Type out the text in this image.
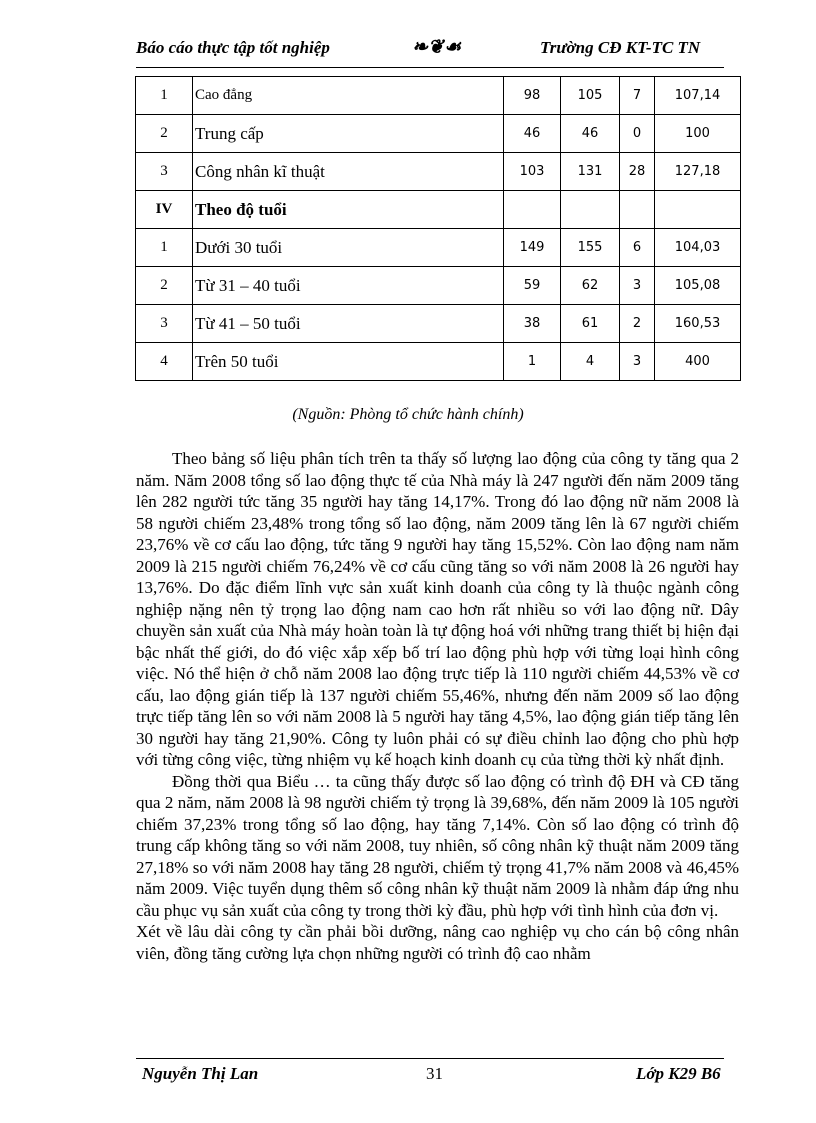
Báo cáo thực tập tốt nghiệp	❧❦☙	Trường CĐ KT-TC TN
1	Cao đẳng	98	105	7	107,14
2	Trung cấp	46	46	0	100
3	Công nhân kĩ thuật	103	131	28	127,18
IV	Theo độ tuổi				
1	Dưới 30 tuổi	149	155	6	104,03
2	Từ 31 – 40 tuổi	59	62	3	105,08
3	Từ 41 – 50 tuổi	38	61	2	160,53
4	Trên 50 tuổi	1	4	3	400
(Nguồn: Phòng tổ chức hành chính)

Theo bảng số liệu phân tích trên ta thấy số lượng lao động của công ty tăng qua 2 năm. Năm 2008 tổng số lao động thực tế của Nhà máy là 247 người đến năm 2009 tăng lên 282 người tức tăng 35 người hay tăng 14,17%. Trong đó lao động nữ năm 2008 là 58 người chiếm 23,48% trong tổng số lao động, năm 2009 tăng lên là 67 người chiếm 23,76% về cơ cấu lao động, tức tăng 9 người hay tăng 15,52%. Còn lao động nam năm 2009 là 215 người chiếm 76,24% về cơ cấu cũng tăng so với năm 2008 là 26 người hay 13,76%. Do đặc điểm lĩnh vực sản xuất kinh doanh của công ty là thuộc ngành công nghiệp nặng nên tỷ trọng lao động nam cao hơn rất nhiều so với lao động nữ. Dây chuyền sản xuất của Nhà máy hoàn toàn là tự động hoá với những trang thiết bị hiện đại bậc nhất thế giới, do đó việc xắp xếp bố trí lao động phù hợp với từng loại hình công việc. Nó thể hiện ở chỗ năm 2008 lao động trực tiếp là 110 người chiếm 44,53% về cơ cấu, lao động gián tiếp là 137 người chiếm 55,46%, nhưng đến năm 2009 số lao động trực tiếp tăng lên so với năm 2008 là 5 người hay tăng 4,5%, lao động gián tiếp tăng lên 30 người hay tăng 21,90%. Công ty luôn phải có sự điều chỉnh lao động cho phù hợp với từng công việc, từng nhiệm vụ kế hoạch kinh doanh cụ của từng thời kỳ nhất định.

Đồng thời qua Biểu … ta cũng thấy được số lao động có trình độ ĐH và CĐ tăng qua 2 năm, năm 2008 là 98 người chiếm tỷ trọng là 39,68%, đến năm 2009 là 105 người chiếm 37,23% trong tổng số lao động, hay tăng 7,14%. Còn số lao động có trình độ trung cấp không tăng so với năm 2008, tuy nhiên, số công nhân kỹ thuật năm 2009 tăng 27,18% so với năm 2008 hay tăng 28 người, chiếm tỷ trọng 41,7% năm 2008 và 46,45% năm 2009. Việc tuyển dụng thêm số công nhân kỹ thuật năm 2009 là nhằm đáp ứng nhu cầu phục vụ sản xuất của công ty trong thời kỳ đầu, phù hợp với tình hình của đơn vị.

Xét về lâu dài công ty cần phải bồi dưỡng, nâng cao nghiệp vụ cho cán bộ công nhân viên, đồng tăng cường lựa chọn những người có trình độ cao nhằm

Nguyễn Thị Lan	31	Lớp K29 B6
